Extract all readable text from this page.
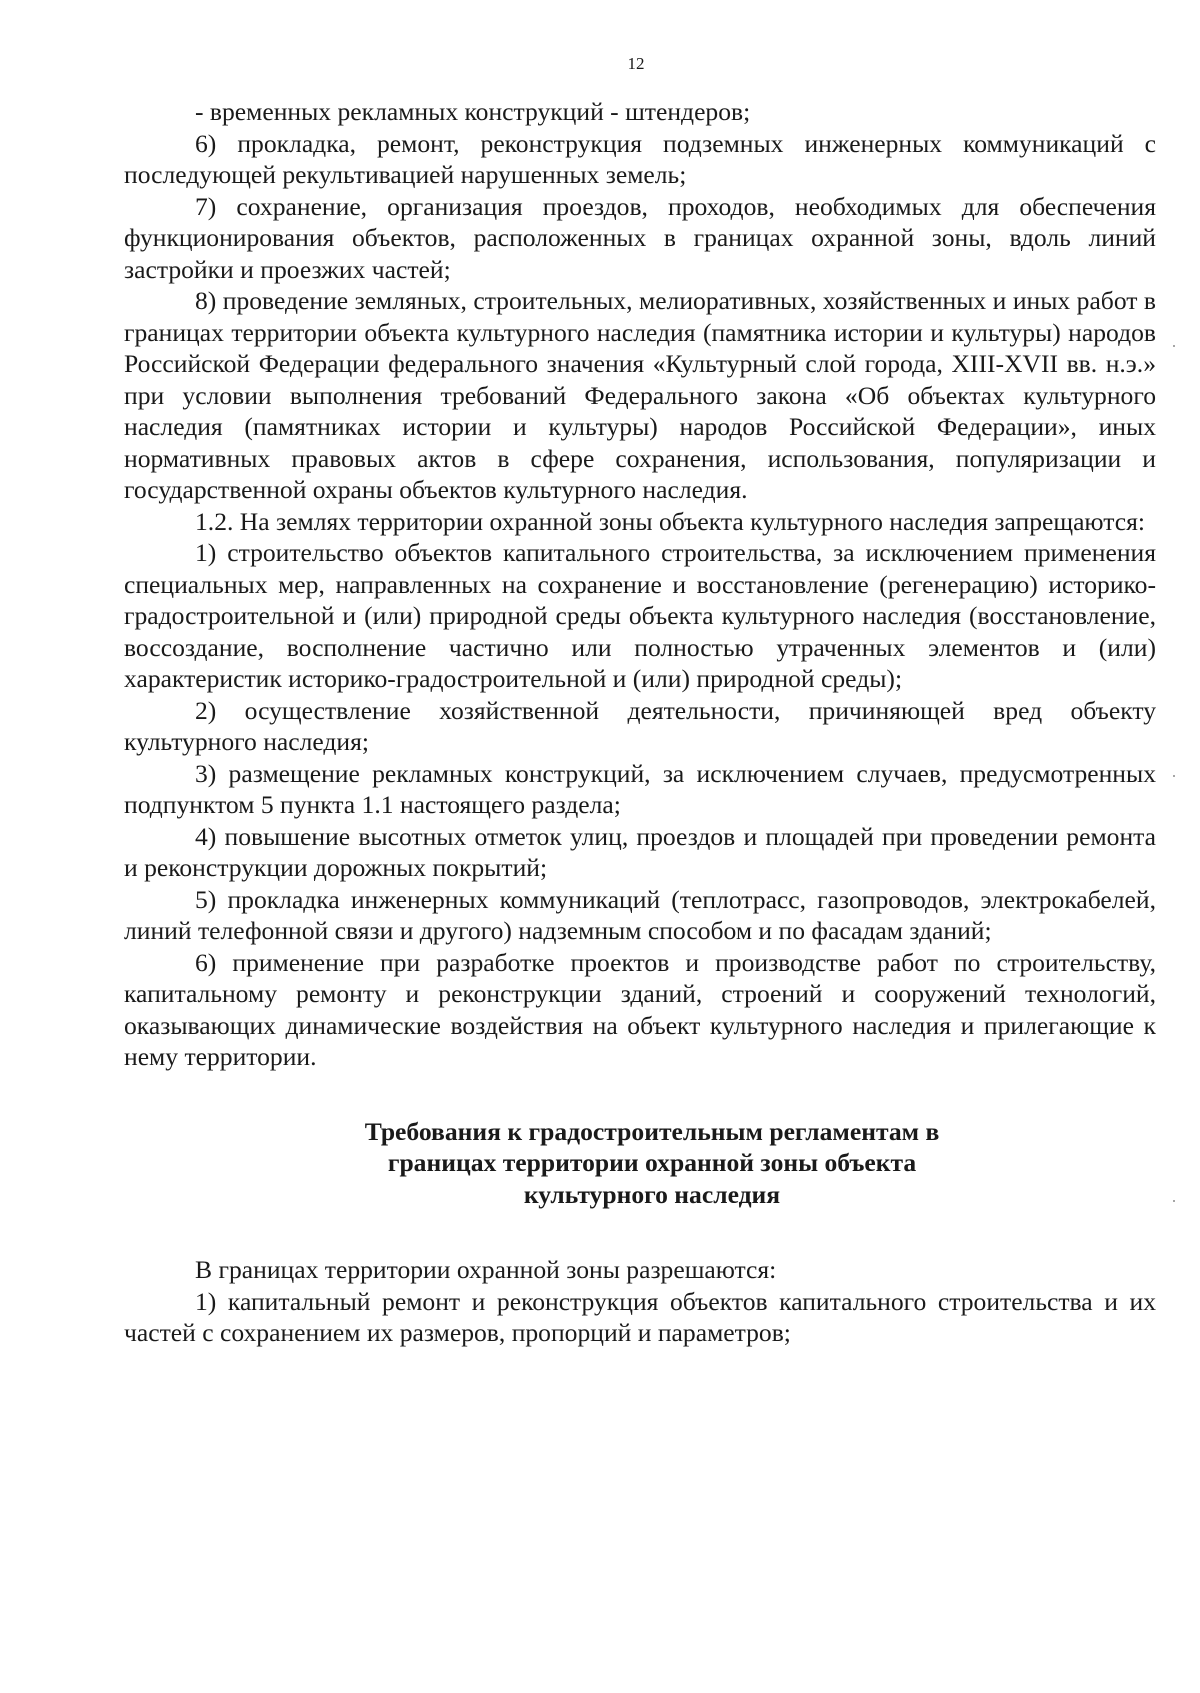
12

- временных рекламных конструкций - штендеров;

6) прокладка, ремонт, реконструкция подземных инженерных коммуникаций с последующей рекультивацией нарушенных земель;

7) сохранение, организация проездов, проходов, необходимых для обеспечения функционирования объектов, расположенных в границах охранной зоны, вдоль линий застройки и проезжих частей;

8) проведение земляных, строительных, мелиоративных, хозяйственных и иных работ в границах территории объекта культурного наследия (памятника истории и культуры) народов Российской Федерации федерального значения «Культурный слой города, XIII-XVII вв. н.э.» при условии выполнения требований Федерального закона «Об объектах культурного наследия (памятниках истории и культуры) народов Российской Федерации», иных нормативных правовых актов в сфере сохранения, использования, популяризации и государственной охраны объектов культурного наследия.

1.2. На землях территории охранной зоны объекта культурного наследия запрещаются:

1) строительство объектов капитального строительства, за исключением применения специальных мер, направленных на сохранение и восстановление (регенерацию) историко-градостроительной и (или) природной среды объекта культурного наследия (восстановление, воссоздание, восполнение частично или полностью утраченных элементов и (или) характеристик историко-градостроительной и (или) природной среды);

2) осуществление хозяйственной деятельности, причиняющей вред объекту культурного наследия;

3) размещение рекламных конструкций, за исключением случаев, предусмотренных подпунктом 5 пункта 1.1 настоящего раздела;

4) повышение высотных отметок улиц, проездов и площадей при проведении ремонта и реконструкции дорожных покрытий;

5) прокладка инженерных коммуникаций (теплотрасс, газопроводов, электрокабелей, линий телефонной связи и другого) надземным способом и по фасадам зданий;

6) применение при разработке проектов и производстве работ по строительству, капитальному ремонту и реконструкции зданий, строений и сооружений технологий, оказывающих динамические воздействия на объект культурного наследия и прилегающие к нему территории.

Требования к градостроительным регламентам в
границах территории охранной зоны объекта
культурного наследия

В границах территории охранной зоны разрешаются:

1) капитальный ремонт и реконструкция объектов капитального строительства и их частей с сохранением их размеров, пропорций и параметров;
